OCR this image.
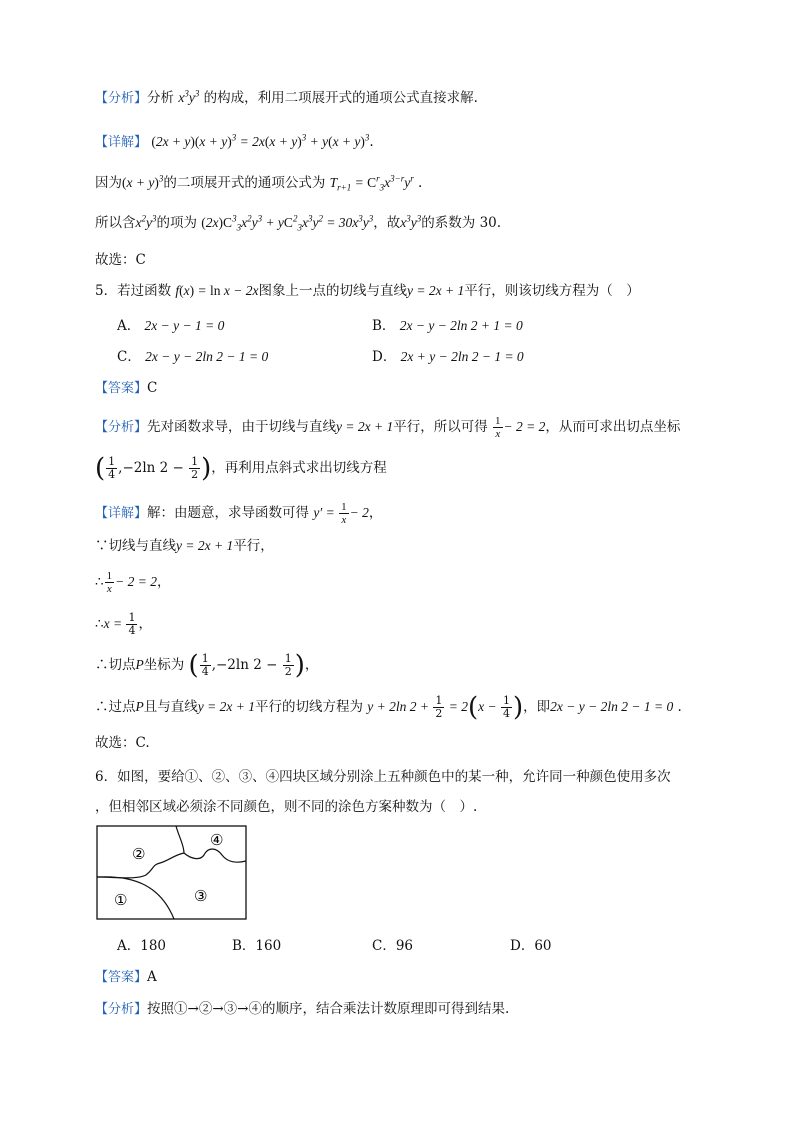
【分析】分析 $x^3y^3$ 的构成，利用二项展开式的通项公式直接求解.
【详解】 $(2x + y)(x + y)^3 = 2x(x + y)^3 + y(x + y)^3$.
因为$(x + y)^3$的二项展开式的通项公式为 $T_{r+1} = C^r_3x^{3-r}y^r$ .
所以含$x^2y^3$的项为 $(2x)C^3_3x^2y^3 + yC^2_3x^3y^2 = 30x^3y^3$，故$x^3y^3$的系数为 30.
故选：C
5．若过函数 f(x) = ln x − 2x图象上一点的切线与直线y = 2x + 1平行，则该切线方程为（　）
A． 2x − y − 1 = 0	B． 2x − y − 2ln 2 + 1 = 0
C． 2x − y − 2ln 2 − 1 = 0	D． 2x + y − 2ln 2 − 1 = 0
【答案】C
【分析】先对函数求导，由于切线与直线y = 2x + 1平行，所以可得 $\frac{1}{x} - 2 = 2$，从而可求出切点坐标
( $\frac{1}{4} ,-2\ln$ $2 - \frac{1}{2}$ )，再利用点斜式求出切线方程
【详解】解：由题意，求导函数可得 $y' = \frac{1}{x} - 2$，
∵切线与直线y = 2x + 1平行，
∴ $\frac{1}{x} - 2 = 2$，
∴x = $\frac{1}{4}$ ，
∴切点P坐标为 ( $\frac{1}{4} ,-2\ln$ $2 - \frac{1}{2}$ )，
∴过点P且与直线y = 2x + 1平行的切线方程为 y + 2ln $2 + \frac{1}{2} = 2(x - \frac{1}{4}$ )，即2x − y − 2ln 2 − 1 = 0 .
故选：C.
6．如图，要给①、②、③、④四块区域分别涂上五种颜色中的某一种，允许同一种颜色使用多次
，但相邻区域必须涂不同颜色，则不同的涂色方案种数为（　）.
①
②
③
④
A．180	B．160	C．96	D．60
【答案】A
【分析】按照①→②→③→④的顺序，结合乘法计数原理即可得到结果.
